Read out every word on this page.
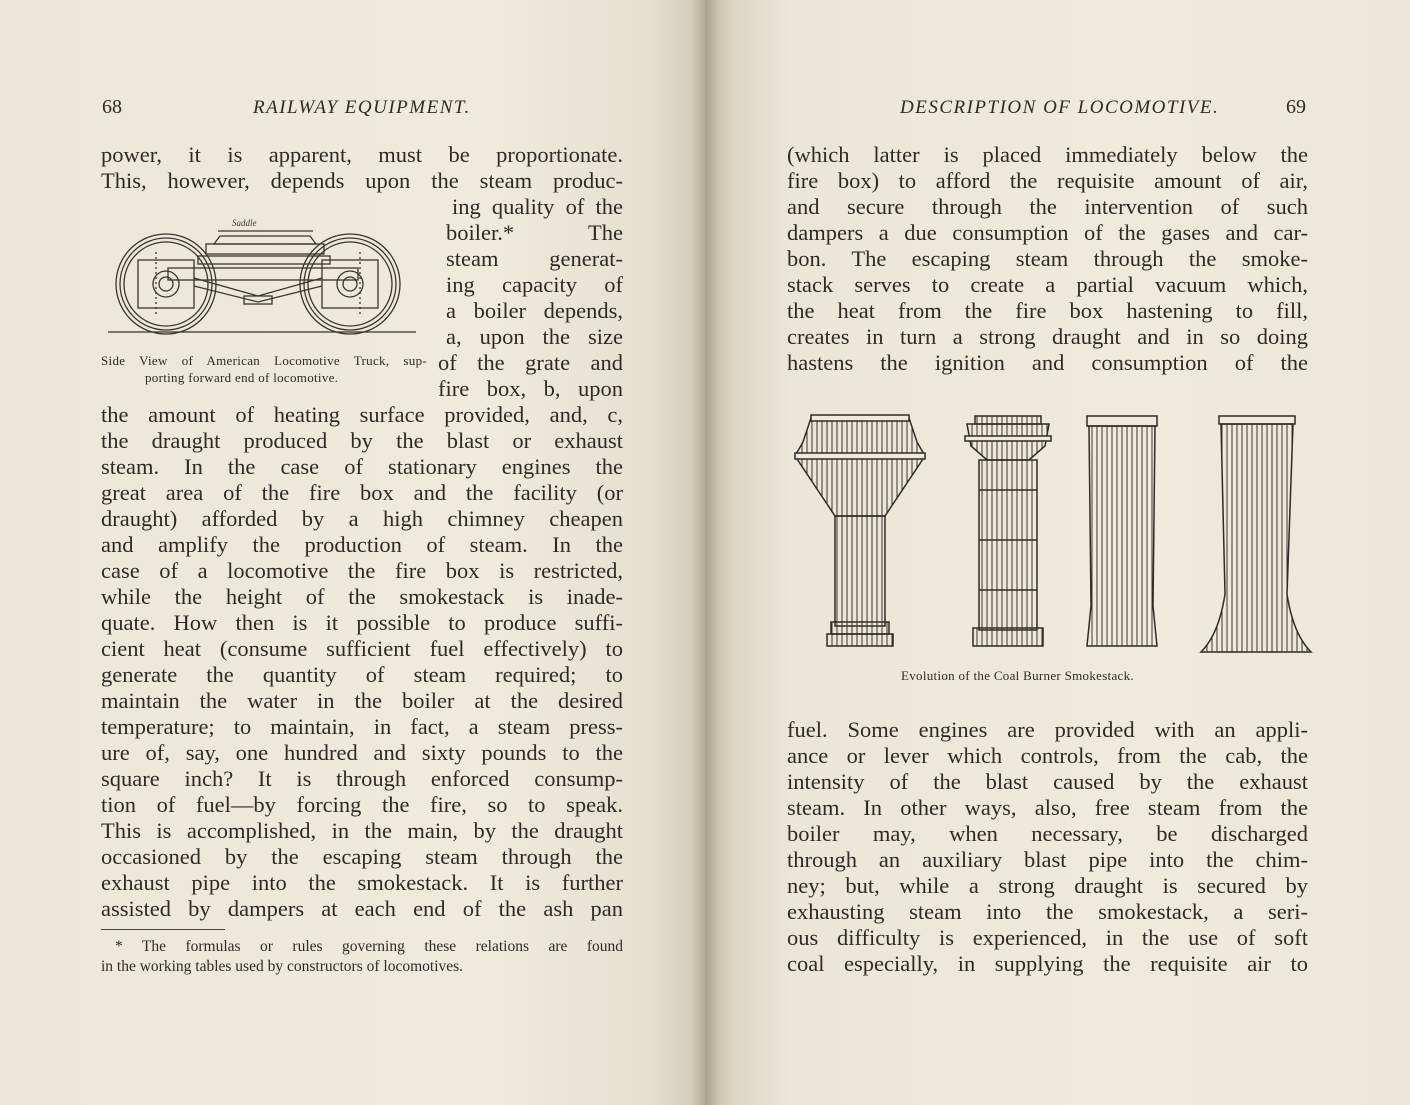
68	RAILWAY EQUIPMENT.
power, it is apparent, must be proportionate.
This, however, depends upon the steam produc-
ing quality of the
boiler.* The
steam generat-
ing capacity of
a boiler depends,
a, upon the size
of the grate and
fire box, b, upon
Saddle
Side View of American Locomotive Truck, sup-
porting forward end of locomotive.
the amount of heating surface provided, and, c,
the draught produced by the blast or exhaust
steam. In the case of stationary engines the
great area of the fire box and the facility (or
draught) afforded by a high chimney cheapen
and amplify the production of steam. In the
case of a locomotive the fire box is restricted,
while the height of the smokestack is inade-
quate. How then is it possible to produce suffi-
cient heat (consume sufficient fuel effectively) to
generate the quantity of steam required; to
maintain the water in the boiler at the desired
temperature; to maintain, in fact, a steam press-
ure of, say, one hundred and sixty pounds to the
square inch? It is through enforced consump-
tion of fuel—by forcing the fire, so to speak.
This is accomplished, in the main, by the draught
occasioned by the escaping steam through the
exhaust pipe into the smokestack. It is further
assisted by dampers at each end of the ash pan
* The formulas or rules governing these relations are found
in the working tables used by constructors of locomotives.
DESCRIPTION OF LOCOMOTIVE.	69
(which latter is placed immediately below the
fire box) to afford the requisite amount of air,
and secure through the intervention of such
dampers a due consumption of the gases and car-
bon. The escaping steam through the smoke-
stack serves to create a partial vacuum which,
the heat from the fire box hastening to fill,
creates in turn a strong draught and in so doing
hastens the ignition and consumption of the
Evolution of the Coal Burner Smokestack.
fuel. Some engines are provided with an appli-
ance or lever which controls, from the cab, the
intensity of the blast caused by the exhaust
steam. In other ways, also, free steam from the
boiler may, when necessary, be discharged
through an auxiliary blast pipe into the chim-
ney; but, while a strong draught is secured by
exhausting steam into the smokestack, a seri-
ous difficulty is experienced, in the use of soft
coal especially, in supplying the requisite air to
